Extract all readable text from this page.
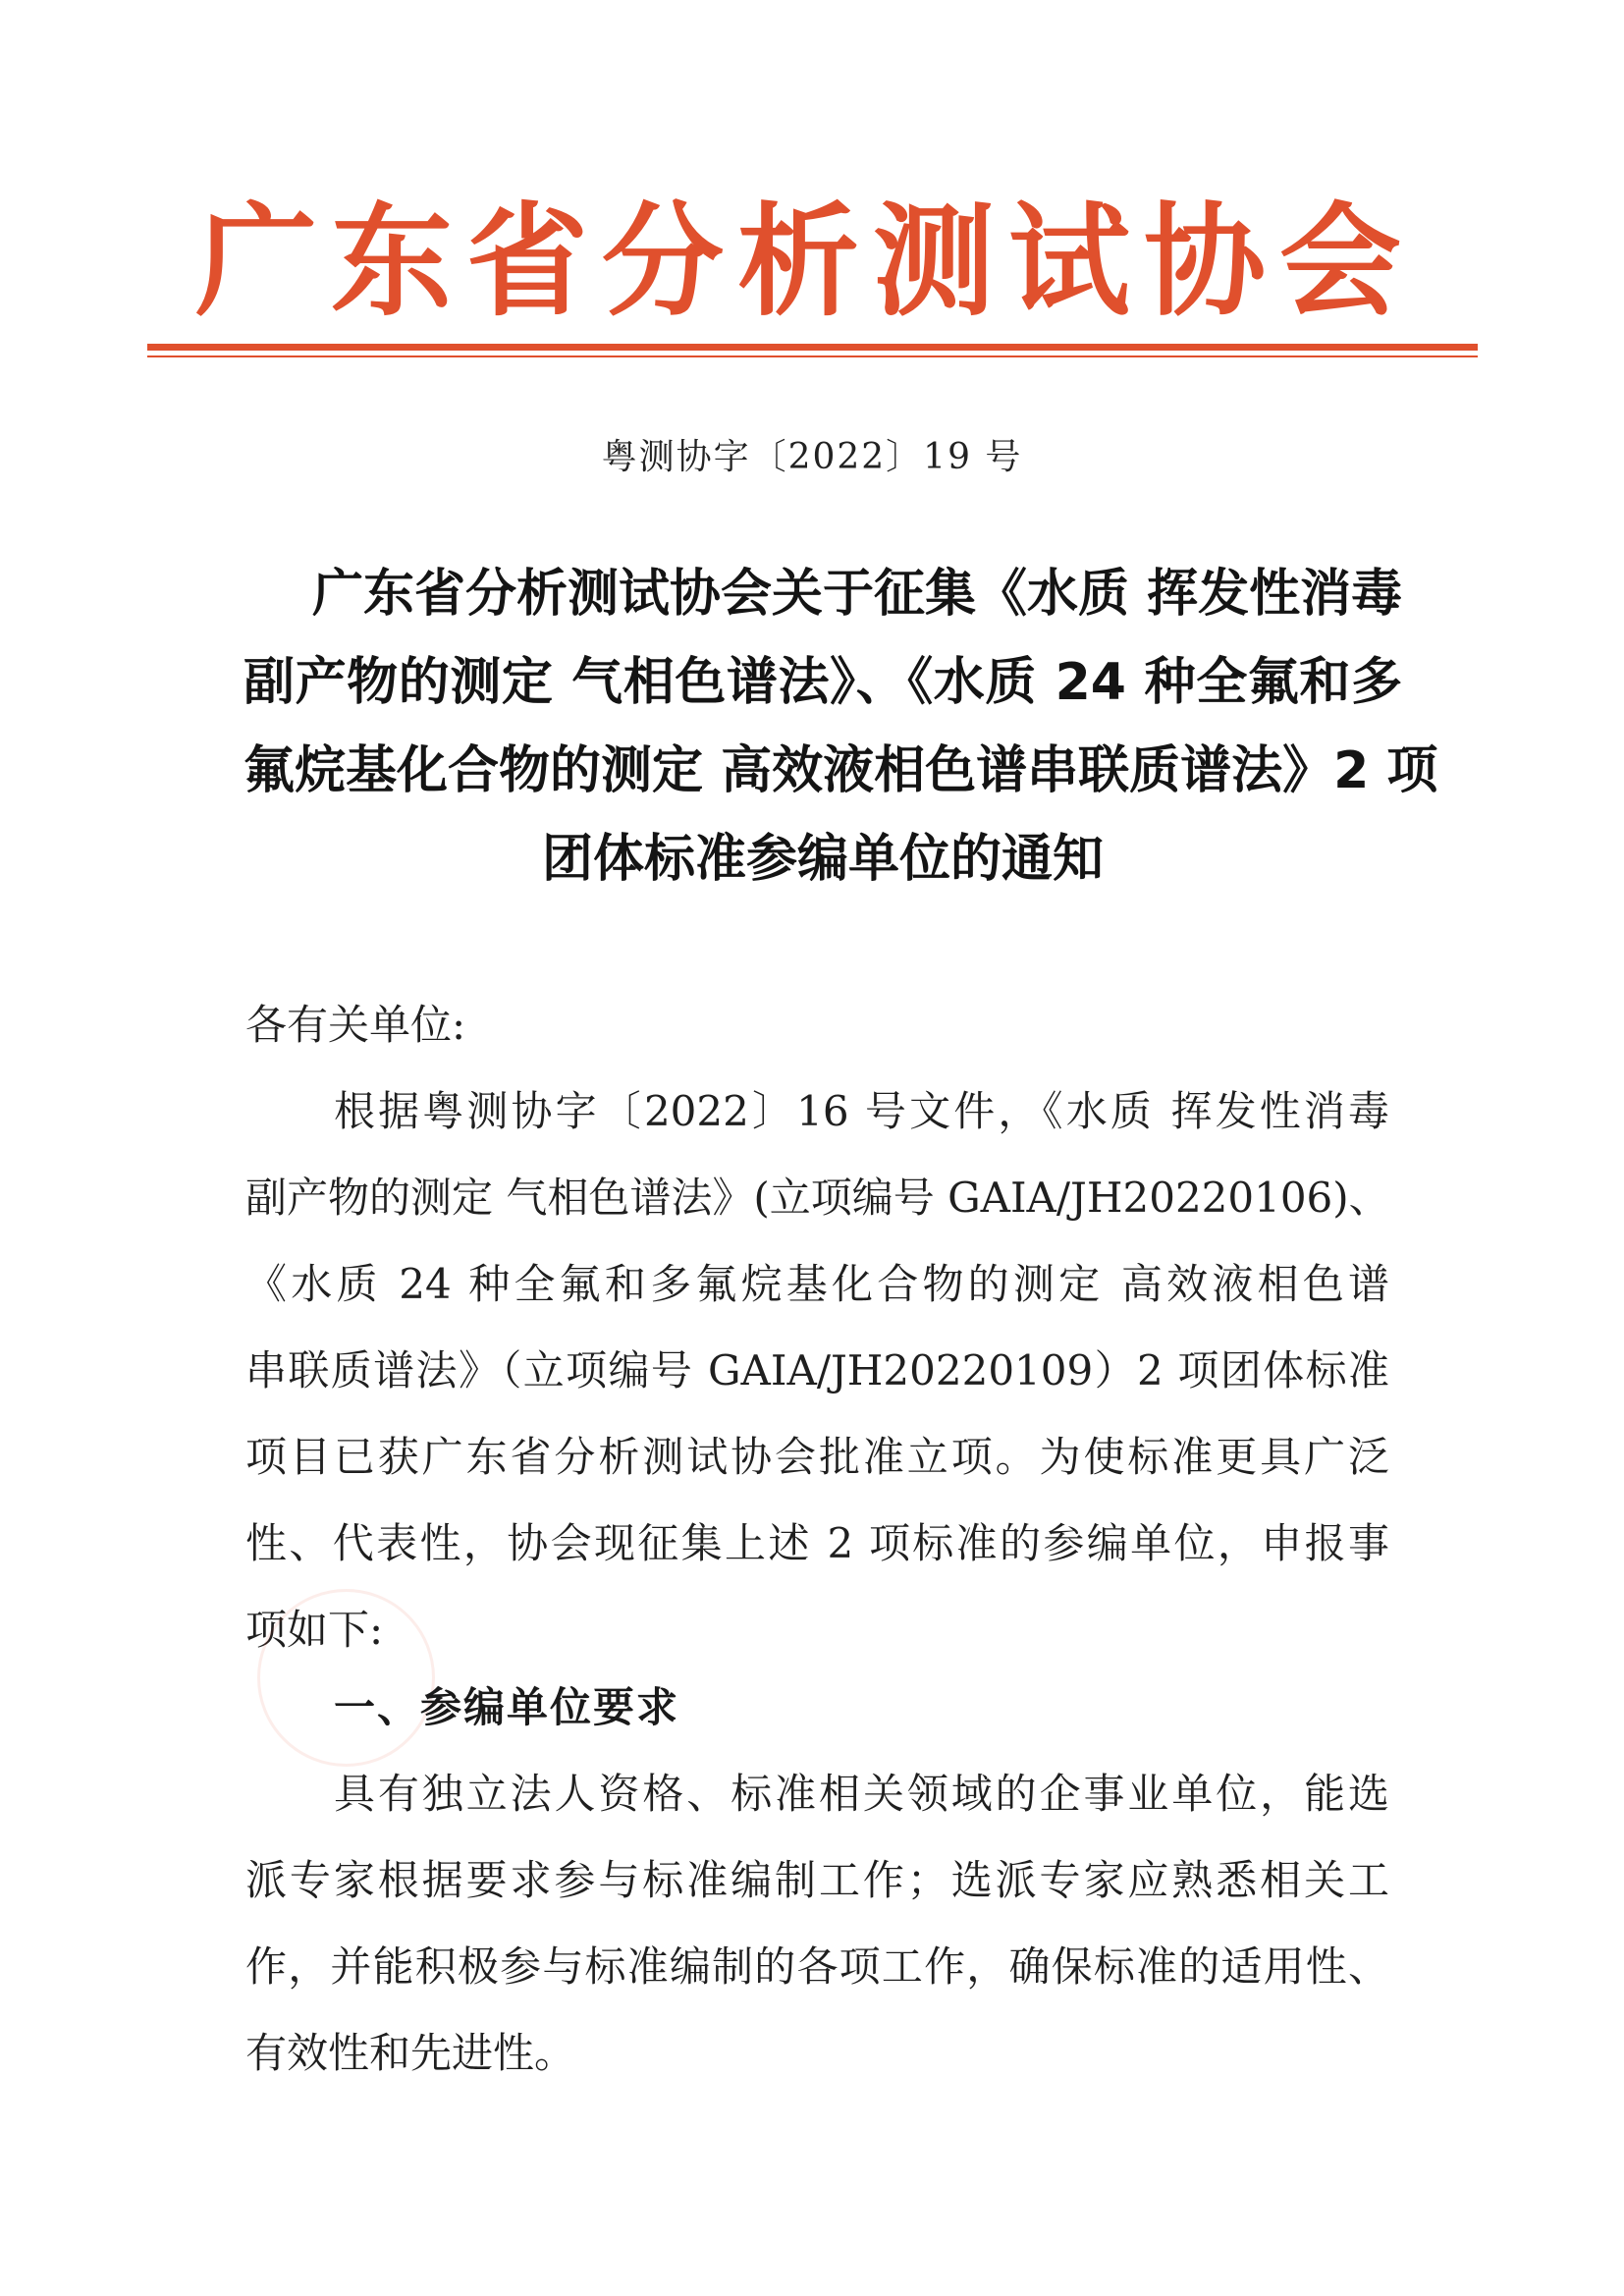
广东省分析测试协会
粤测协字〔2022〕19 号
广东省分析测试协会关于征集《水质 挥发性消毒
副产物的测定 气相色谱法》、《水质 24 种全氟和多
氟烷基化合物的测定 高效液相色谱串联质谱法》2 项
团体标准参编单位的通知
各有关单位:
根据粤测协字〔2022〕16 号文件，《水质 挥发性消毒
副产物的测定 气相色谱法》(立项编号 GAIA/JH20220106)、
《水质 24 种全氟和多氟烷基化合物的测定 高效液相色谱
串联质谱法》（立项编号 GAIA/JH20220109）2 项团体标准
项目已获广东省分析测试协会批准立项。为使标准更具广泛
性、代表性，协会现征集上述 2 项标准的参编单位，申报事
项如下:
一、参编单位要求
具有独立法人资格、标准相关领域的企事业单位，能选
派专家根据要求参与标准编制工作；选派专家应熟悉相关工
作，并能积极参与标准编制的各项工作，确保标准的适用性、
有效性和先进性。
